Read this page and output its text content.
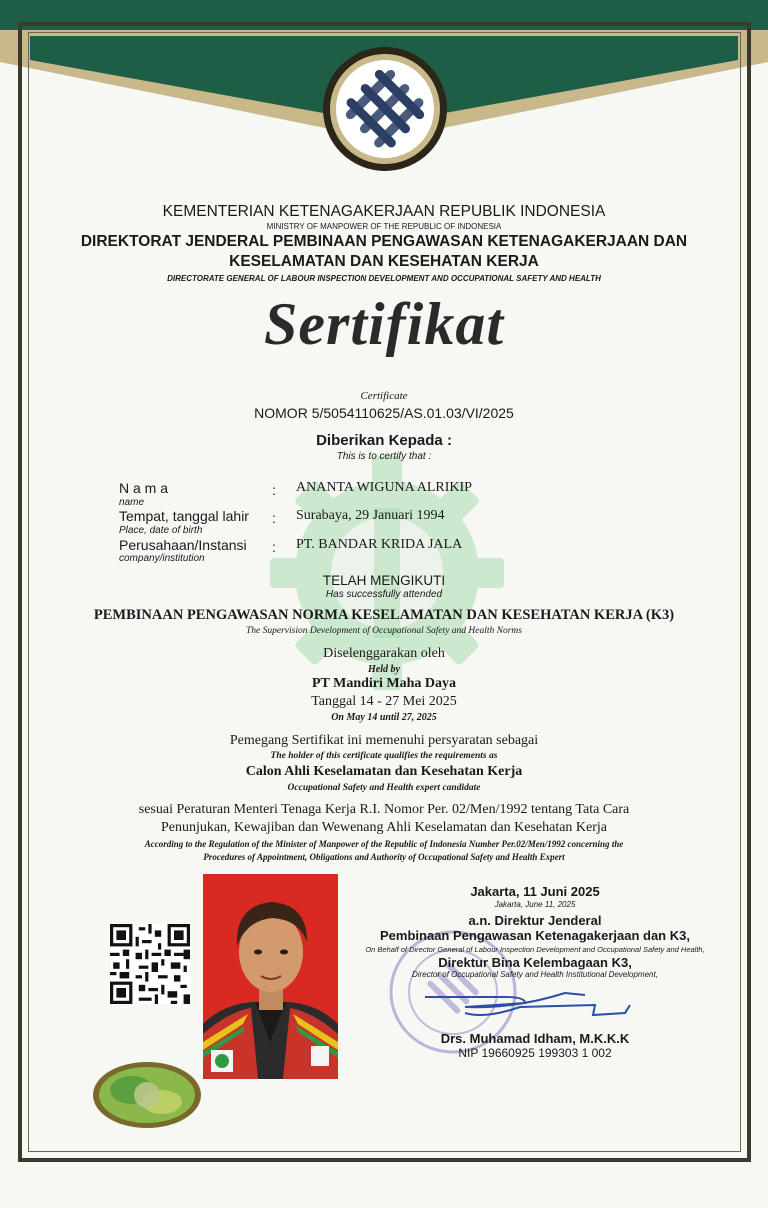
KEMENTERIAN KETENAGAKERJAAN REPUBLIK INDONESIA
MINISTRY OF MANPOWER OF THE REPUBLIC OF INDONESIA
DIREKTORAT JENDERAL PEMBINAAN PENGAWASAN KETENAGAKERJAAN DAN
KESELAMATAN DAN KESEHATAN KERJA
DIRECTORATE GENERAL OF LABOUR INSPECTION DEVELOPMENT AND OCCUPATIONAL SAFETY AND HEALTH
Sertifikat
Certificate
NOMOR 5/5054110625/AS.01.03/VI/2025
Diberikan Kepada :
This is to certify that :
N a m a
name
: ANANTA WIGUNA ALRIKIP
Tempat, tanggal lahir
Place, date of birth
: Surabaya, 29 Januari 1994
Perusahaan/Instansi
company/institution
: PT. BANDAR KRIDA JALA
TELAH MENGIKUTI
Has successfully attended
PEMBINAAN PENGAWASAN NORMA KESELAMATAN DAN KESEHATAN KERJA (K3)
The Supervision Development of Occupational Safety and Health Norms
Diselenggarakan oleh
Held by
PT Mandiri Maha Daya
Tanggal 14 - 27 Mei 2025
On May 14 until 27, 2025
Pemegang Sertifikat ini memenuhi persyaratan sebagai
The holder of this certificate qualifies the requirements as
Calon Ahli Keselamatan dan Kesehatan Kerja
Occupational Safety and Health expert candidate
sesuai Peraturan Menteri Tenaga Kerja R.I. Nomor Per. 02/Men/1992 tentang Tata Cara
Penunjukan, Kewajiban dan Wewenang Ahli Keselamatan dan Kesehatan Kerja
According to the Regulation of the Minister of Manpower of the Republic of Indonesia Number Per.02/Men/1992 concerning the
Procedures of Appointment, Obligations and Authority of Occupational Safety and Health Expert
Jakarta, 11 Juni 2025
Jakarta, June 11, 2025
a.n. Direktur Jenderal
Pembinaan Pengawasan Ketenagakerjaan dan K3,
On Behalf of Director General of Labour Inspection Development and Occupational Safety and Health,
Direktur Bina Kelembagaan K3,
Director of Occupational Safety and Health Institutional Development,
Drs. Muhamad Idham, M.K.K.K
NIP 19660925 199303 1 002
